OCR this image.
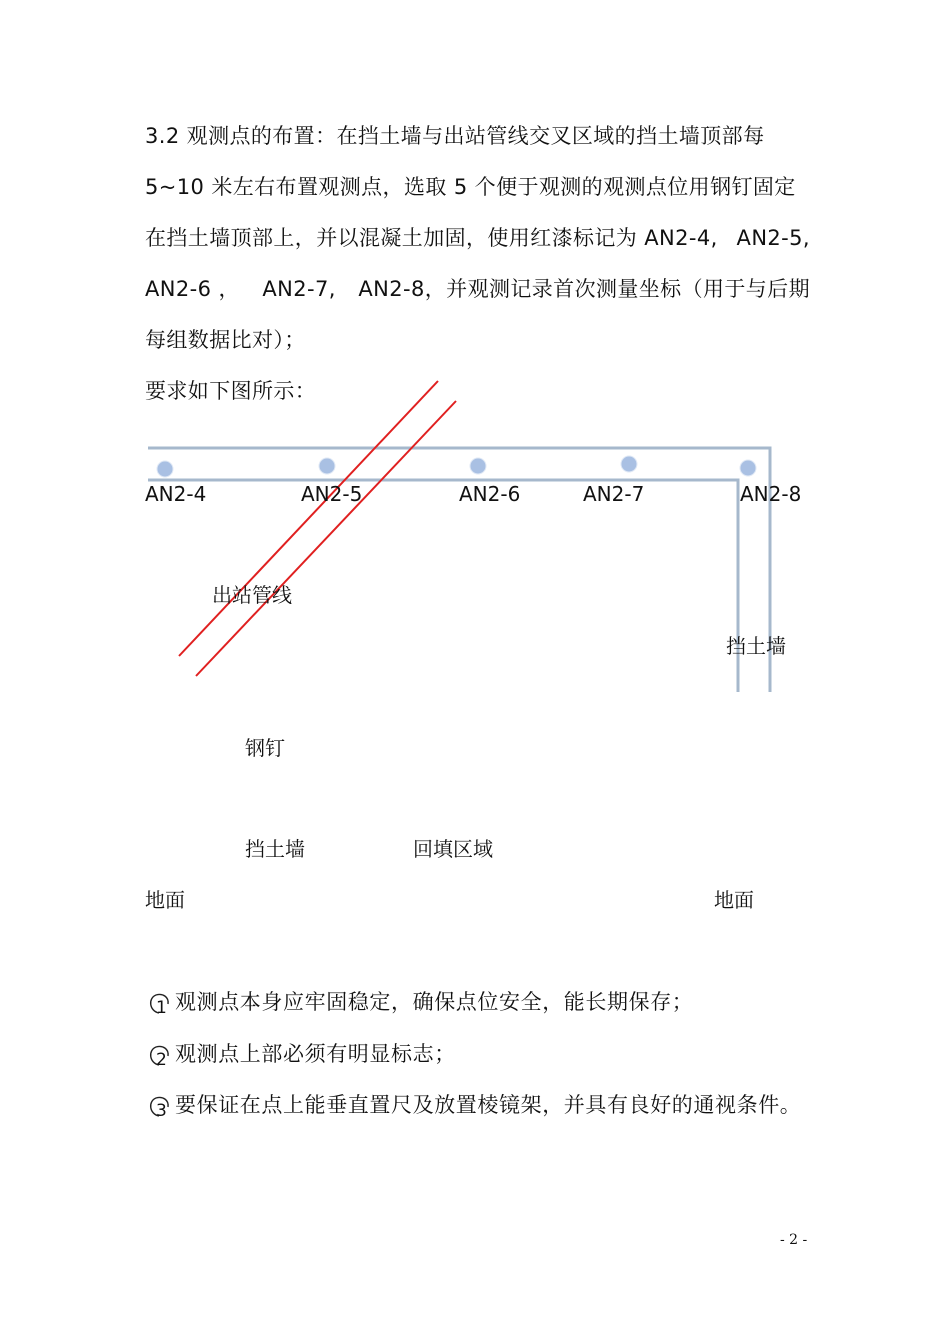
3.2 观测点的布置：在挡土墙与出站管线交叉区域的挡土墙顶部每

5~10 米左右布置观测点，选取 5 个便于观测的观测点位用钢钉固定

在挡土墙顶部上，并以混凝土加固，使用红漆标记为 AN2-4, AN2-5,

AN2-6 ， AN2-7, AN2-8，并观测记录首次测量坐标（用于与后期

每组数据比对）；

要求如下图所示：

AN2-4	AN2-5	AN2-6	AN2-7	AN2-8
出站管线
挡土墙
钢钉
挡土墙	回填区域
地面	地面
1 观测点本身应牢固稳定，确保点位安全，能长期保存；
2 观测点上部必须有明显标志；
3 要保证在点上能垂直置尺及放置棱镜架，并具有良好的通视条件。
- 2 -
